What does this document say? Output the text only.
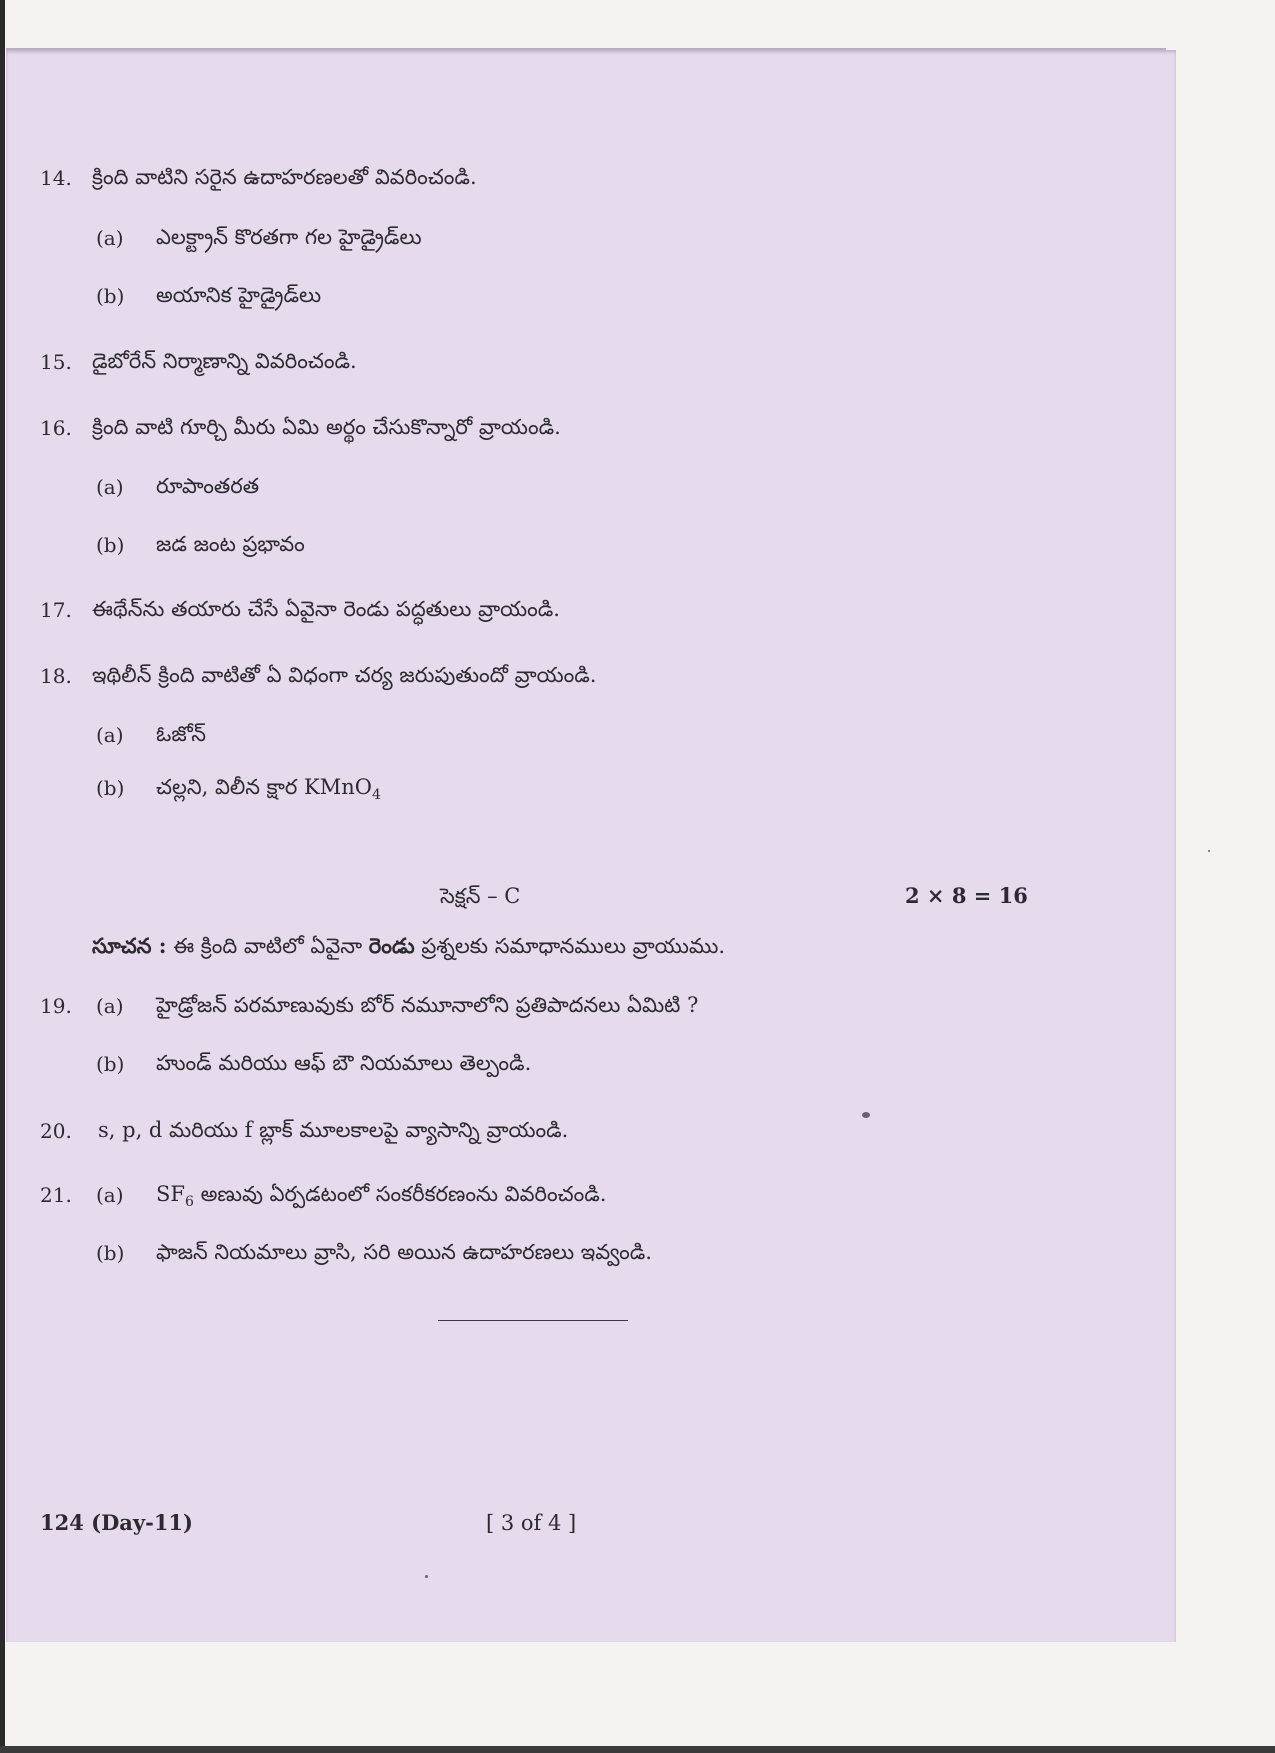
14. క్రింది వాటిని సరైన ఉదాహరణలతో వివరించండి.
(a) ఎలక్ట్రాన్ కొరతగా గల హైడ్రైడ్‌లు
(b) అయానిక హైడ్రైడ్‌లు
15. డైబోరేన్ నిర్మాణాన్ని వివరించండి.
16. క్రింది వాటి గూర్చి మీరు ఏమి అర్థం చేసుకొన్నారో వ్రాయండి.
(a) రూపాంతరత
(b) జడ జంట ప్రభావం
17. ఈథేన్‌ను తయారు చేసే ఏవైనా రెండు పద్ధతులు వ్రాయండి.
18. ఇథిలీన్ క్రింది వాటితో ఏ విధంగా చర్య జరుపుతుందో వ్రాయండి.
(a) ఓజోన్
(b) చల్లని, విలీన క్షార KMnO$_4$
సెక్షన్ – C	2 × 8 = 16
సూచన : ఈ క్రింది వాటిలో ఏవైనా రెండు ప్రశ్నలకు సమాధానములు వ్రాయుము.
19. (a) హైడ్రోజన్ పరమాణువుకు బోర్ నమూనాలోని ప్రతిపాదనలు ఏమిటి ?
(b) హుండ్ మరియు ఆఫ్ బౌ నియమాలు తెల్పండి.
20. s, p, d మరియు f బ్లాక్ మూలకాలపై వ్యాసాన్ని వ్రాయండి.
21. (a) $SF_6$ అణువు ఏర్పడటంలో సంకరీకరణంను వివరించండి.
(b) ఫాజన్ నియమాలు వ్రాసి, సరి అయిన ఉదాహరణలు ఇవ్వండి.
124 (Day-11)	[ 3 of 4 ]
